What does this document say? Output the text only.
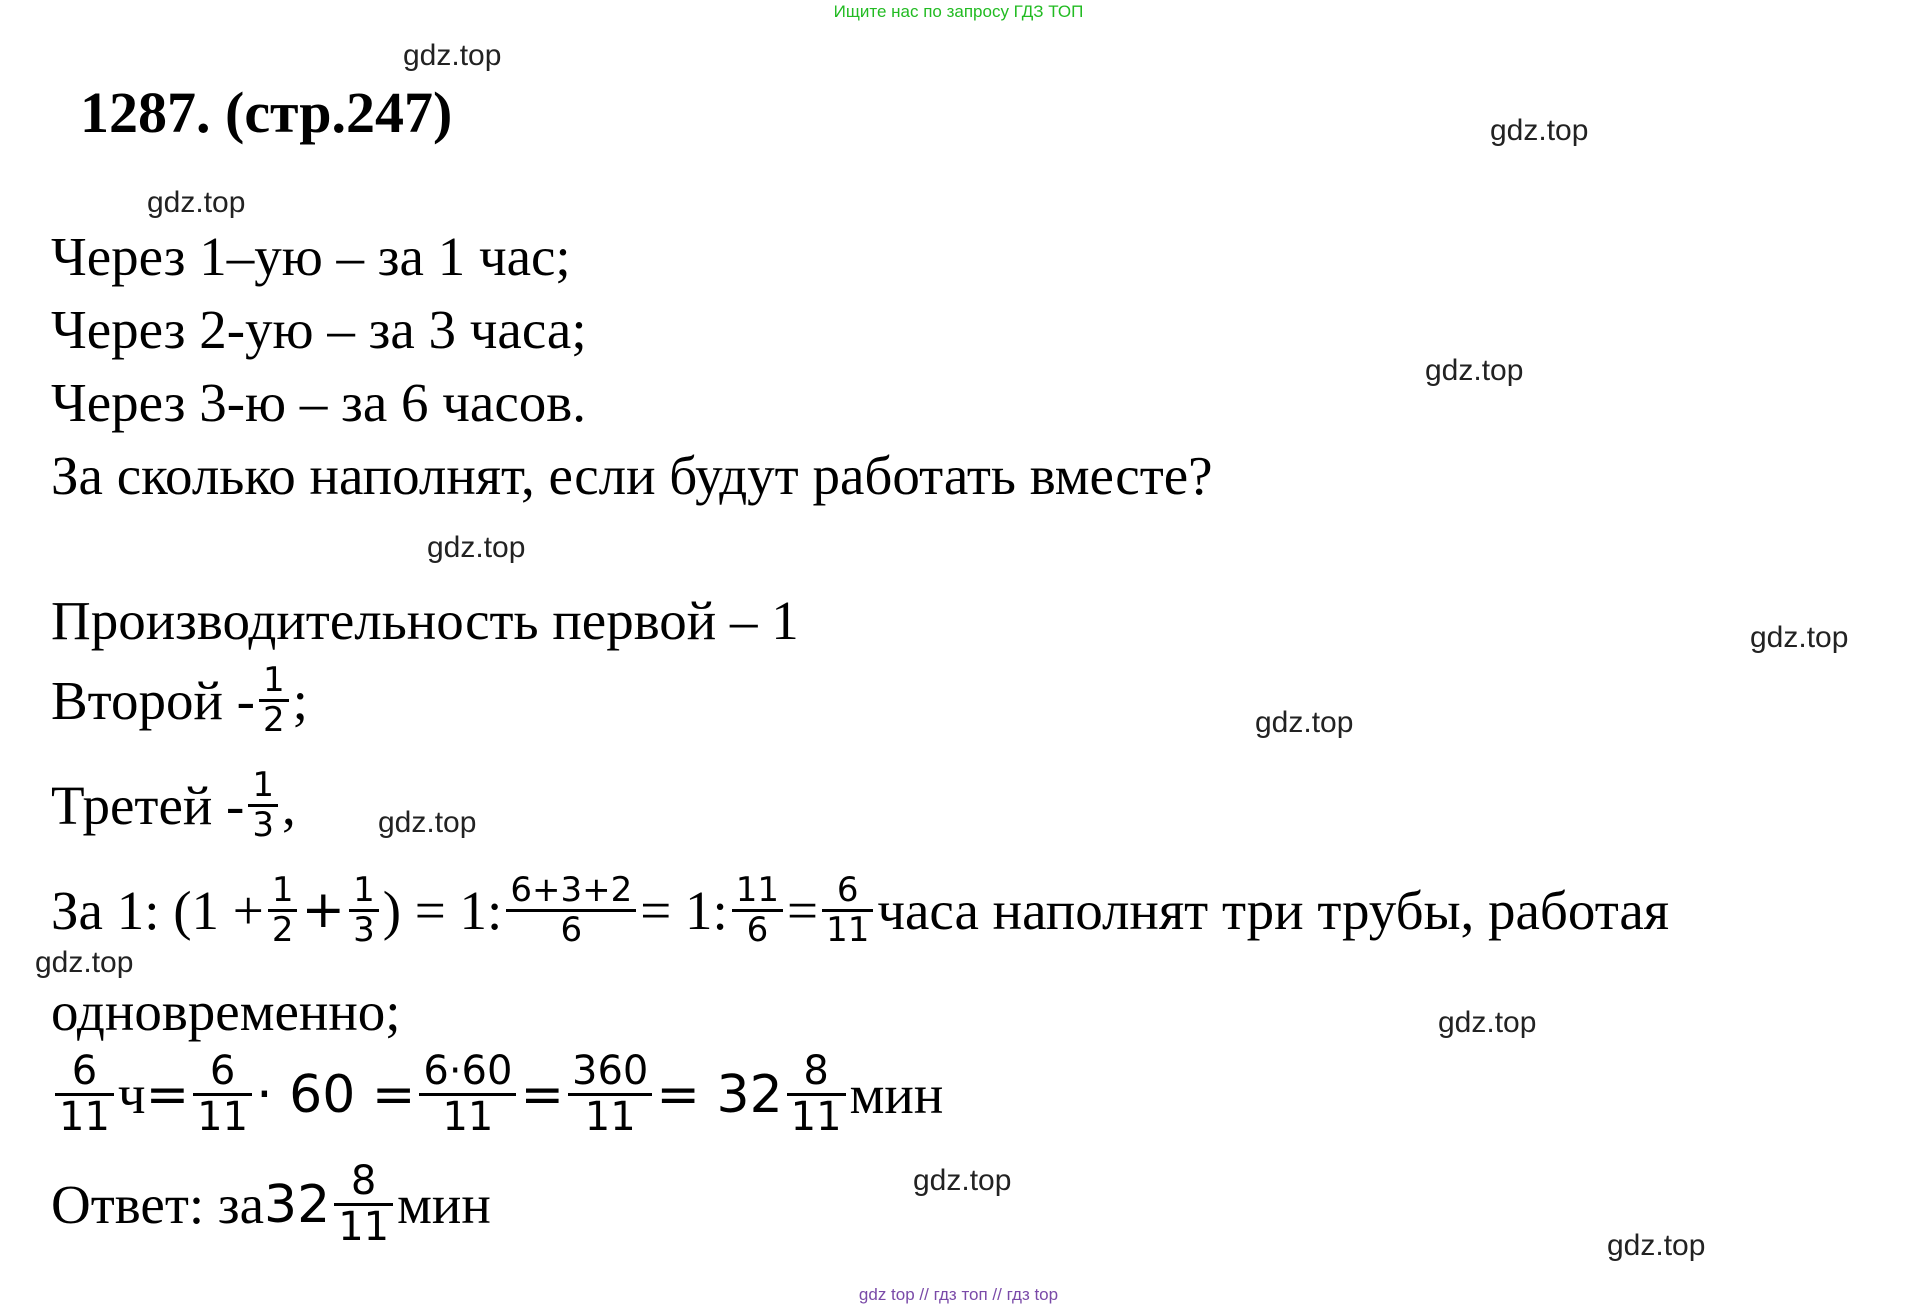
Ищите нас по запросу ГДЗ ТОП
1287. (стр.247)
gdz.top
gdz.top
gdz.top
gdz.top
gdz.top
gdz.top
gdz.top
gdz.top
gdz.top
gdz.top
gdz.top
gdz.top
Через 1–ую – за 1 час;
Через 2-ую – за 3 часа;
Через 3-ю – за 6 часов.
За сколько наполнят, если будут работать вместе?
Производительность первой – 1
Второй - $\frac{1}{2}$ ;
Третей - $\frac{1}{3}$ ,
За 1: ($1 + \frac{1}{2} + \frac{1}{3}$ ) = 1: $\frac{6+3+2}{6} = 1$: $\frac{11}{6} = \frac{6}{11}$ часа наполнят три трубы, работая
одновременно;
$\frac{6}{11}$ $ч = \frac{6}{11} \cdot 60 = \frac{6\cdot 60}{11} = \frac{360}{11} = 32 \frac{8}{11}$ мин
Ответ: за $32 \frac{8}{11}$ мин
gdz top // гдз топ // гдз top
